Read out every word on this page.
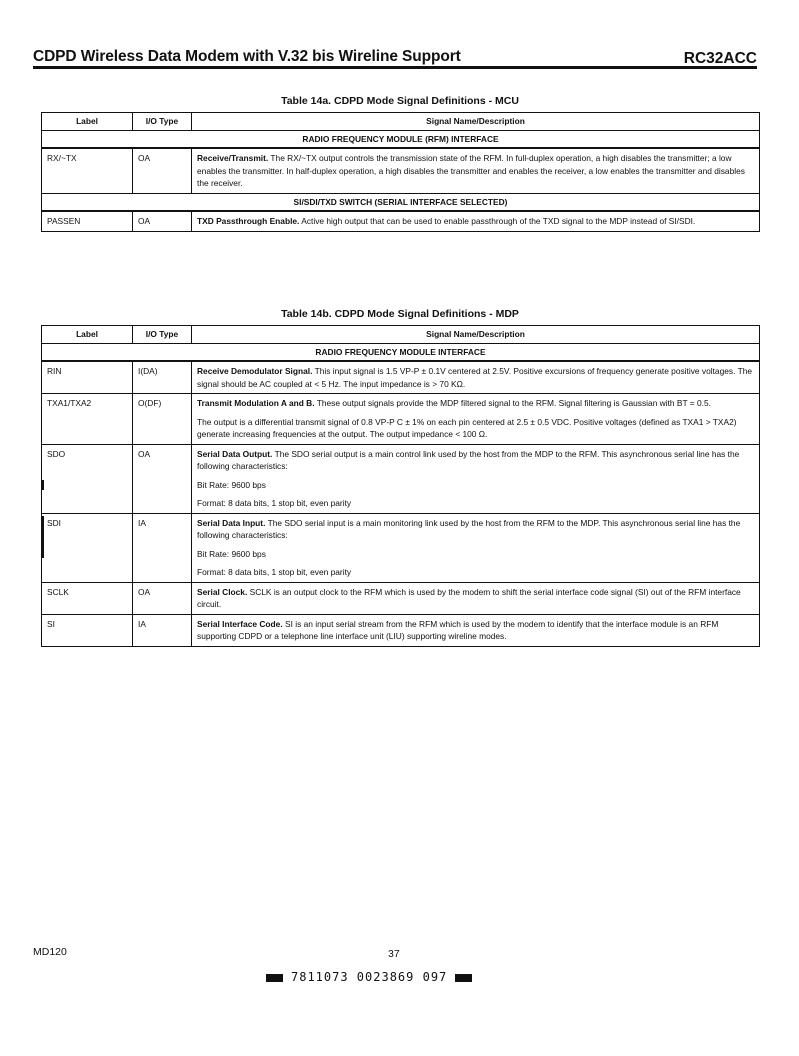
CDPD Wireless Data Modem with V.32 bis Wireline Support	RC32ACC
Table 14a. CDPD Mode Signal Definitions - MCU
Label	I/O Type	Signal Name/Description
RADIO FREQUENCY MODULE (RFM) INTERFACE		
RX/~TX	OA	Receive/Transmit. The RX/~TX output controls the transmission state of the RFM. In full-duplex operation, a high disables the transmitter; a low enables the transmitter. In half-duplex operation, a high disables the transmitter and enables the receiver, a low enables the transmitter and disables the receiver.
SI/SDI/TXD SWITCH (SERIAL INTERFACE SELECTED)		
PASSEN	OA	TXD Passthrough Enable. Active high output that can be used to enable passthrough of the TXD signal to the MDP instead of SI/SDI.
Table 14b. CDPD Mode Signal Definitions - MDP
Label	I/O Type	Signal Name/Description
RADIO FREQUENCY MODULE INTERFACE		
RIN	I(DA)	Receive Demodulator Signal. This input signal is 1.5 VP-P ± 0.1V centered at 2.5V. Positive excursions of frequency generate positive voltages. The signal should be AC coupled at < 5 Hz. The input impedance is > 70 KΩ.

TXA1/TXA2	O(DF)	Transmit Modulation A and B. These output signals provide the MDP filtered signal to the RFM. Signal filtering is Gaussian with BT = 0.5.
The output is a differential transmit signal of 0.8 VP-P C ± 1% on each pin centered at 2.5 ± 0.5 VDC. Positive voltages (defined as TXA1 > TXA2) generate increasing frequencies at the output. The output impedance < 100 Ω.

SDO	OA	Serial Data Output. The SDO serial output is a main control link used by the host from the MDP to the RFM. This asynchronous serial line has the following characteristics:
Bit Rate: 9600 bps
Format: 8 data bits, 1 stop bit, even parity

SDI	IA	Serial Data Input. The SDO serial input is a main monitoring link used by the host from the RFM to the MDP. This asynchronous serial line has the following characteristics:
Bit Rate: 9600 bps
Format: 8 data bits, 1 stop bit, even parity

SCLK	OA	Serial Clock. SCLK is an output clock to the RFM which is used by the modem to shift the serial interface code signal (SI) out of the RFM interface circuit.

SI	IA	Serial Interface Code. SI is an input serial stream from the RFM which is used by the modem to identify that the interface module is an RFM supporting CDPD or a telephone line interface unit (LIU) supporting wireline modes.
MD120	37
7811073 0023869 097
